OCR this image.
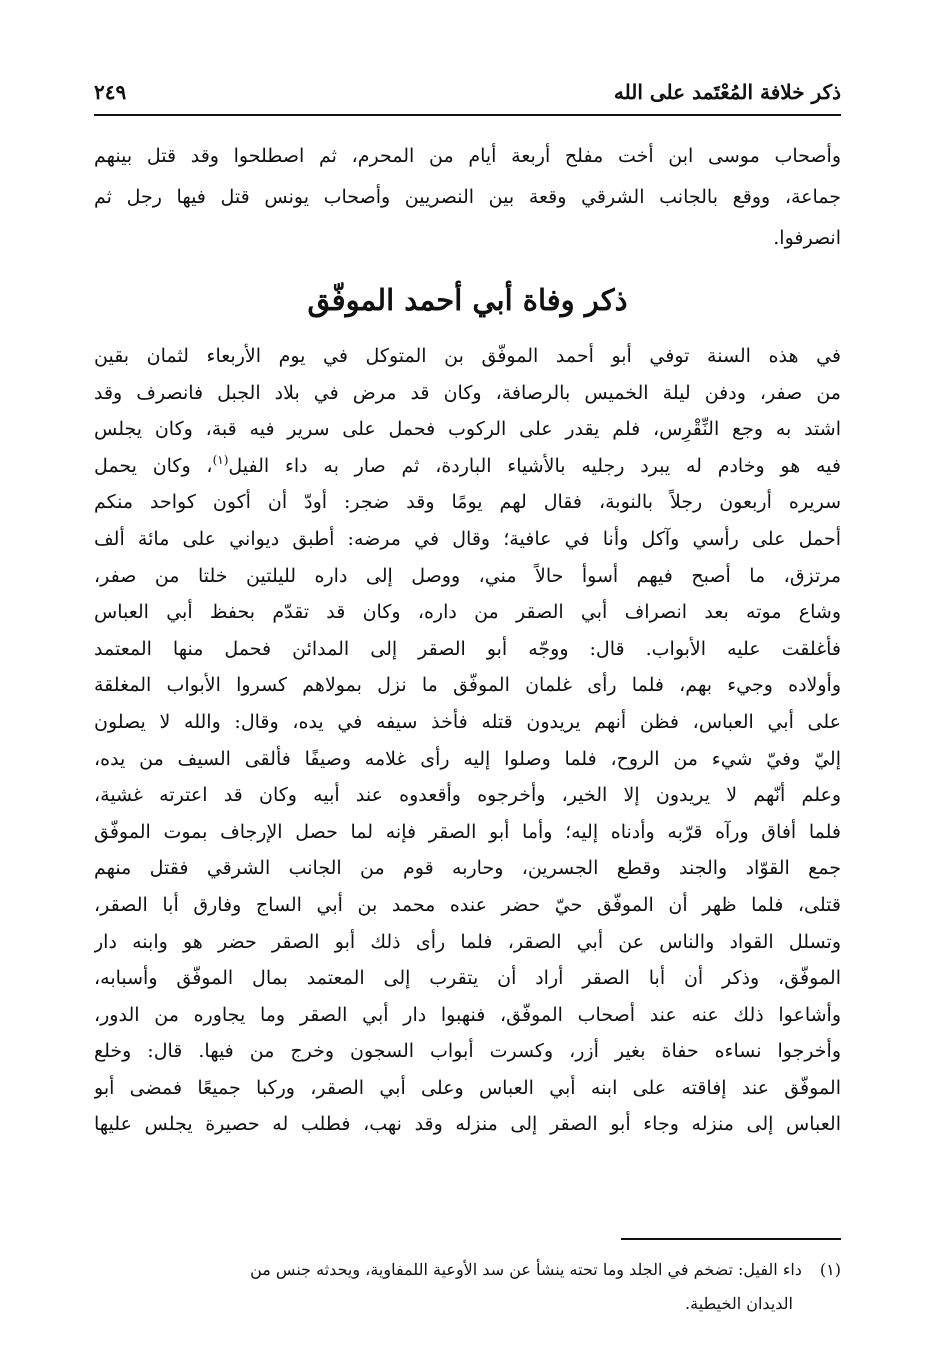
ذكر خلافة المُعْتَمد على الله
٢٤٩
وأصحاب موسى ابن أخت مفلح أربعة أيام من المحرم، ثم اصطلحوا وقد قتل بينهم
جماعة، ووقع بالجانب الشرقي وقعة بين النصريين وأصحاب يونس قتل فيها رجل ثم
انصرفوا.
ذكر وفاة أبي أحمد الموفّق
في هذه السنة توفي أبو أحمد الموفّق بن المتوكل في يوم الأربعاء لثمان بقين
من صفر، ودفن ليلة الخميس بالرصافة، وكان قد مرض في بلاد الجبل فانصرف وقد
اشتد به وجع النِّقْرِس، فلم يقدر على الركوب فحمل على سرير فيه قبة، وكان يجلس
فيه هو وخادم له يبرد رجليه بالأشياء الباردة، ثم صار به داء الفيل$^{(١)}$، وكان يحمل
سريره أربعون رجلاً بالنوبة، فقال لهم يومًا وقد ضجر: أودّ أن أكون كواحد منكم
أحمل على رأسي وآكل وأنا في عافية؛ وقال في مرضه: أطبق ديواني على مائة ألف
مرتزق، ما أصبح فيهم أسوأ حالاً مني، ووصل إلى داره لليلتين خلتا من صفر،
وشاع موته بعد انصراف أبي الصقر من داره، وكان قد تقدّم بحفظ أبي العباس
فأغلقت عليه الأبواب. قال: ووجّه أبو الصقر إلى المدائن فحمل منها المعتمد
وأولاده وجيء بهم، فلما رأى غلمان الموفّق ما نزل بمولاهم كسروا الأبواب المغلقة
على أبي العباس، فظن أنهم يريدون قتله فأخذ سيفه في يده، وقال: والله لا يصلون
إليّ وفيّ شيء من الروح، فلما وصلوا إليه رأى غلامه وصيفًا فألقى السيف من يده،
وعلم أنّهم لا يريدون إلا الخير، وأخرجوه وأقعدوه عند أبيه وكان قد اعترته غشية،
فلما أفاق ورآه قرّبه وأدناه إليه؛ وأما أبو الصقر فإنه لما حصل الإرجاف بموت الموفّق
جمع القوّاد والجند وقطع الجسرين، وحاربه قوم من الجانب الشرقي فقتل منهم
قتلى، فلما ظهر أن الموفّق حيّ حضر عنده محمد بن أبي الساج وفارق أبا الصقر،
وتسلل القواد والناس عن أبي الصقر، فلما رأى ذلك أبو الصقر حضر هو وابنه دار
الموفّق، وذكر أن أبا الصقر أراد أن يتقرب إلى المعتمد بمال الموفّق وأسبابه،
وأشاعوا ذلك عنه عند أصحاب الموفّق، فنهبوا دار أبي الصقر وما يجاوره من الدور،
وأخرجوا نساءه حفاة بغير أزر، وكسرت أبواب السجون وخرج من فيها. قال: وخلع
الموفّق عند إفاقته على ابنه أبي العباس وعلى أبي الصقر، وركبا جميعًا فمضى أبو
العباس إلى منزله وجاء أبو الصقر إلى منزله وقد نهب، فطلب له حصيرة يجلس عليها
(١)داء الفيل: تضخم في الجلد وما تحته ينشأ عن سد الأوعية اللمفاوية، ويحدثه جنس من
الديدان الخيطية.
